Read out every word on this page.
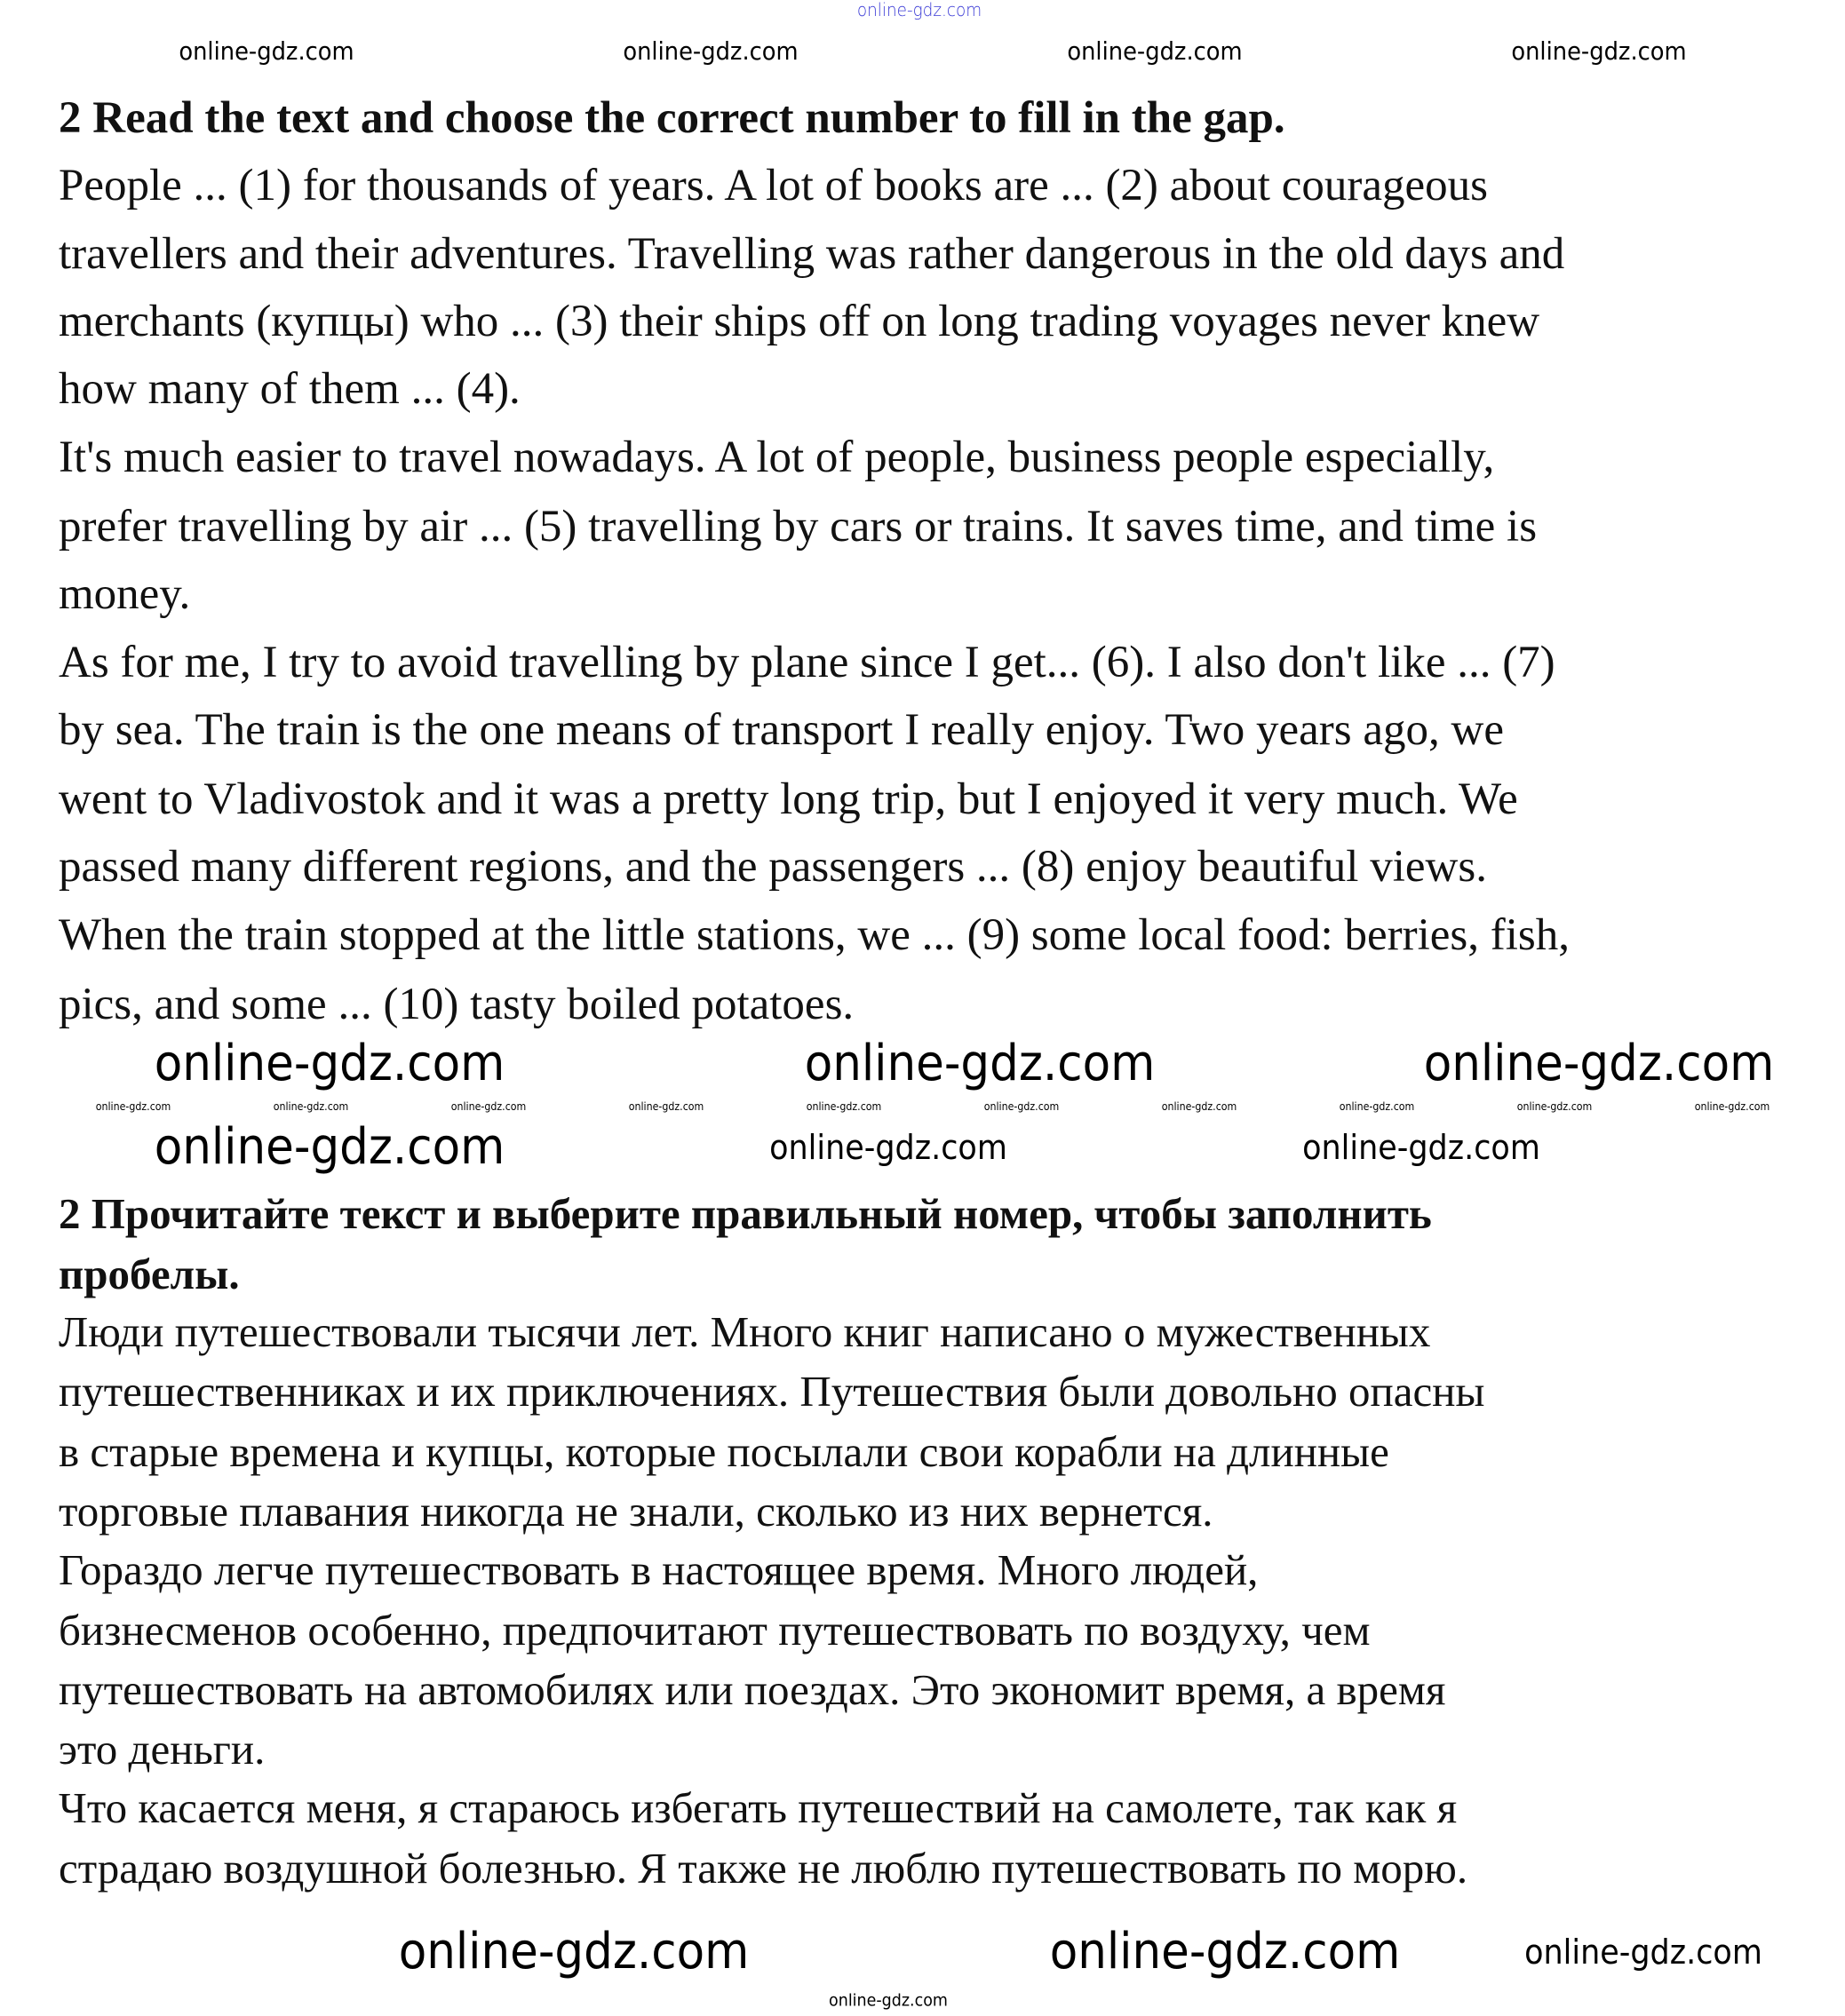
2 Read the text and choose the correct number to fill in the gap.
People ... (1) for thousands of years. A lot of books are ... (2) about courageous
travellers and their adventures. Travelling was rather dangerous in the old days and
merchants (купцы) who ... (3) their ships off on long trading voyages never knew
how many of them ... (4).
It's much easier to travel nowadays. A lot of people, business people especially,
prefer travelling by air ... (5) travelling by cars or trains. It saves time, and time is
money.
As for me, I try to avoid travelling by plane since I get... (6). I also don't like ... (7)
by sea. The train is the one means of transport I really enjoy. Two years ago, we
went to Vladivostok and it was a pretty long trip, but I enjoyed it very much. We
passed many different regions, and the passengers ... (8) enjoy beautiful views.
When the train stopped at the little stations, we ... (9) some local food: berries, fish,
pics, and some ... (10) tasty boiled potatoes.
2 Прочитайте текст и выберите правильный номер, чтобы заполнить
пробелы.
Люди путешествовали тысячи лет. Много книг написано о мужественных
путешественниках и их приключениях. Путешествия были довольно опасны
в старые времена и купцы, которые посылали свои корабли на длинные
торговые плавания никогда не знали, сколько из них вернется.
Гораздо легче путешествовать в настоящее время. Много людей,
бизнесменов особенно, предпочитают путешествовать по воздуху, чем
путешествовать на автомобилях или поездах. Это экономит время, а время
это деньги.
Что касается меня, я стараюсь избегать путешествий на самолете, так как я
страдаю воздушной болезнью. Я также не люблю путешествовать по морю.
online-gdz.com
online-gdz.com	online-gdz.com	online-gdz.com	online-gdz.com
online-gdz.com	online-gdz.com	online-gdz.com
online-gdz.com	online-gdz.com	online-gdz.com	online-gdz.com	online-gdz.com	online-gdz.com	online-gdz.com	online-gdz.com	online-gdz.com	online-gdz.com
online-gdz.com	online-gdz.com	online-gdz.com
online-gdz.com	online-gdz.com	online-gdz.com
online-gdz.com
